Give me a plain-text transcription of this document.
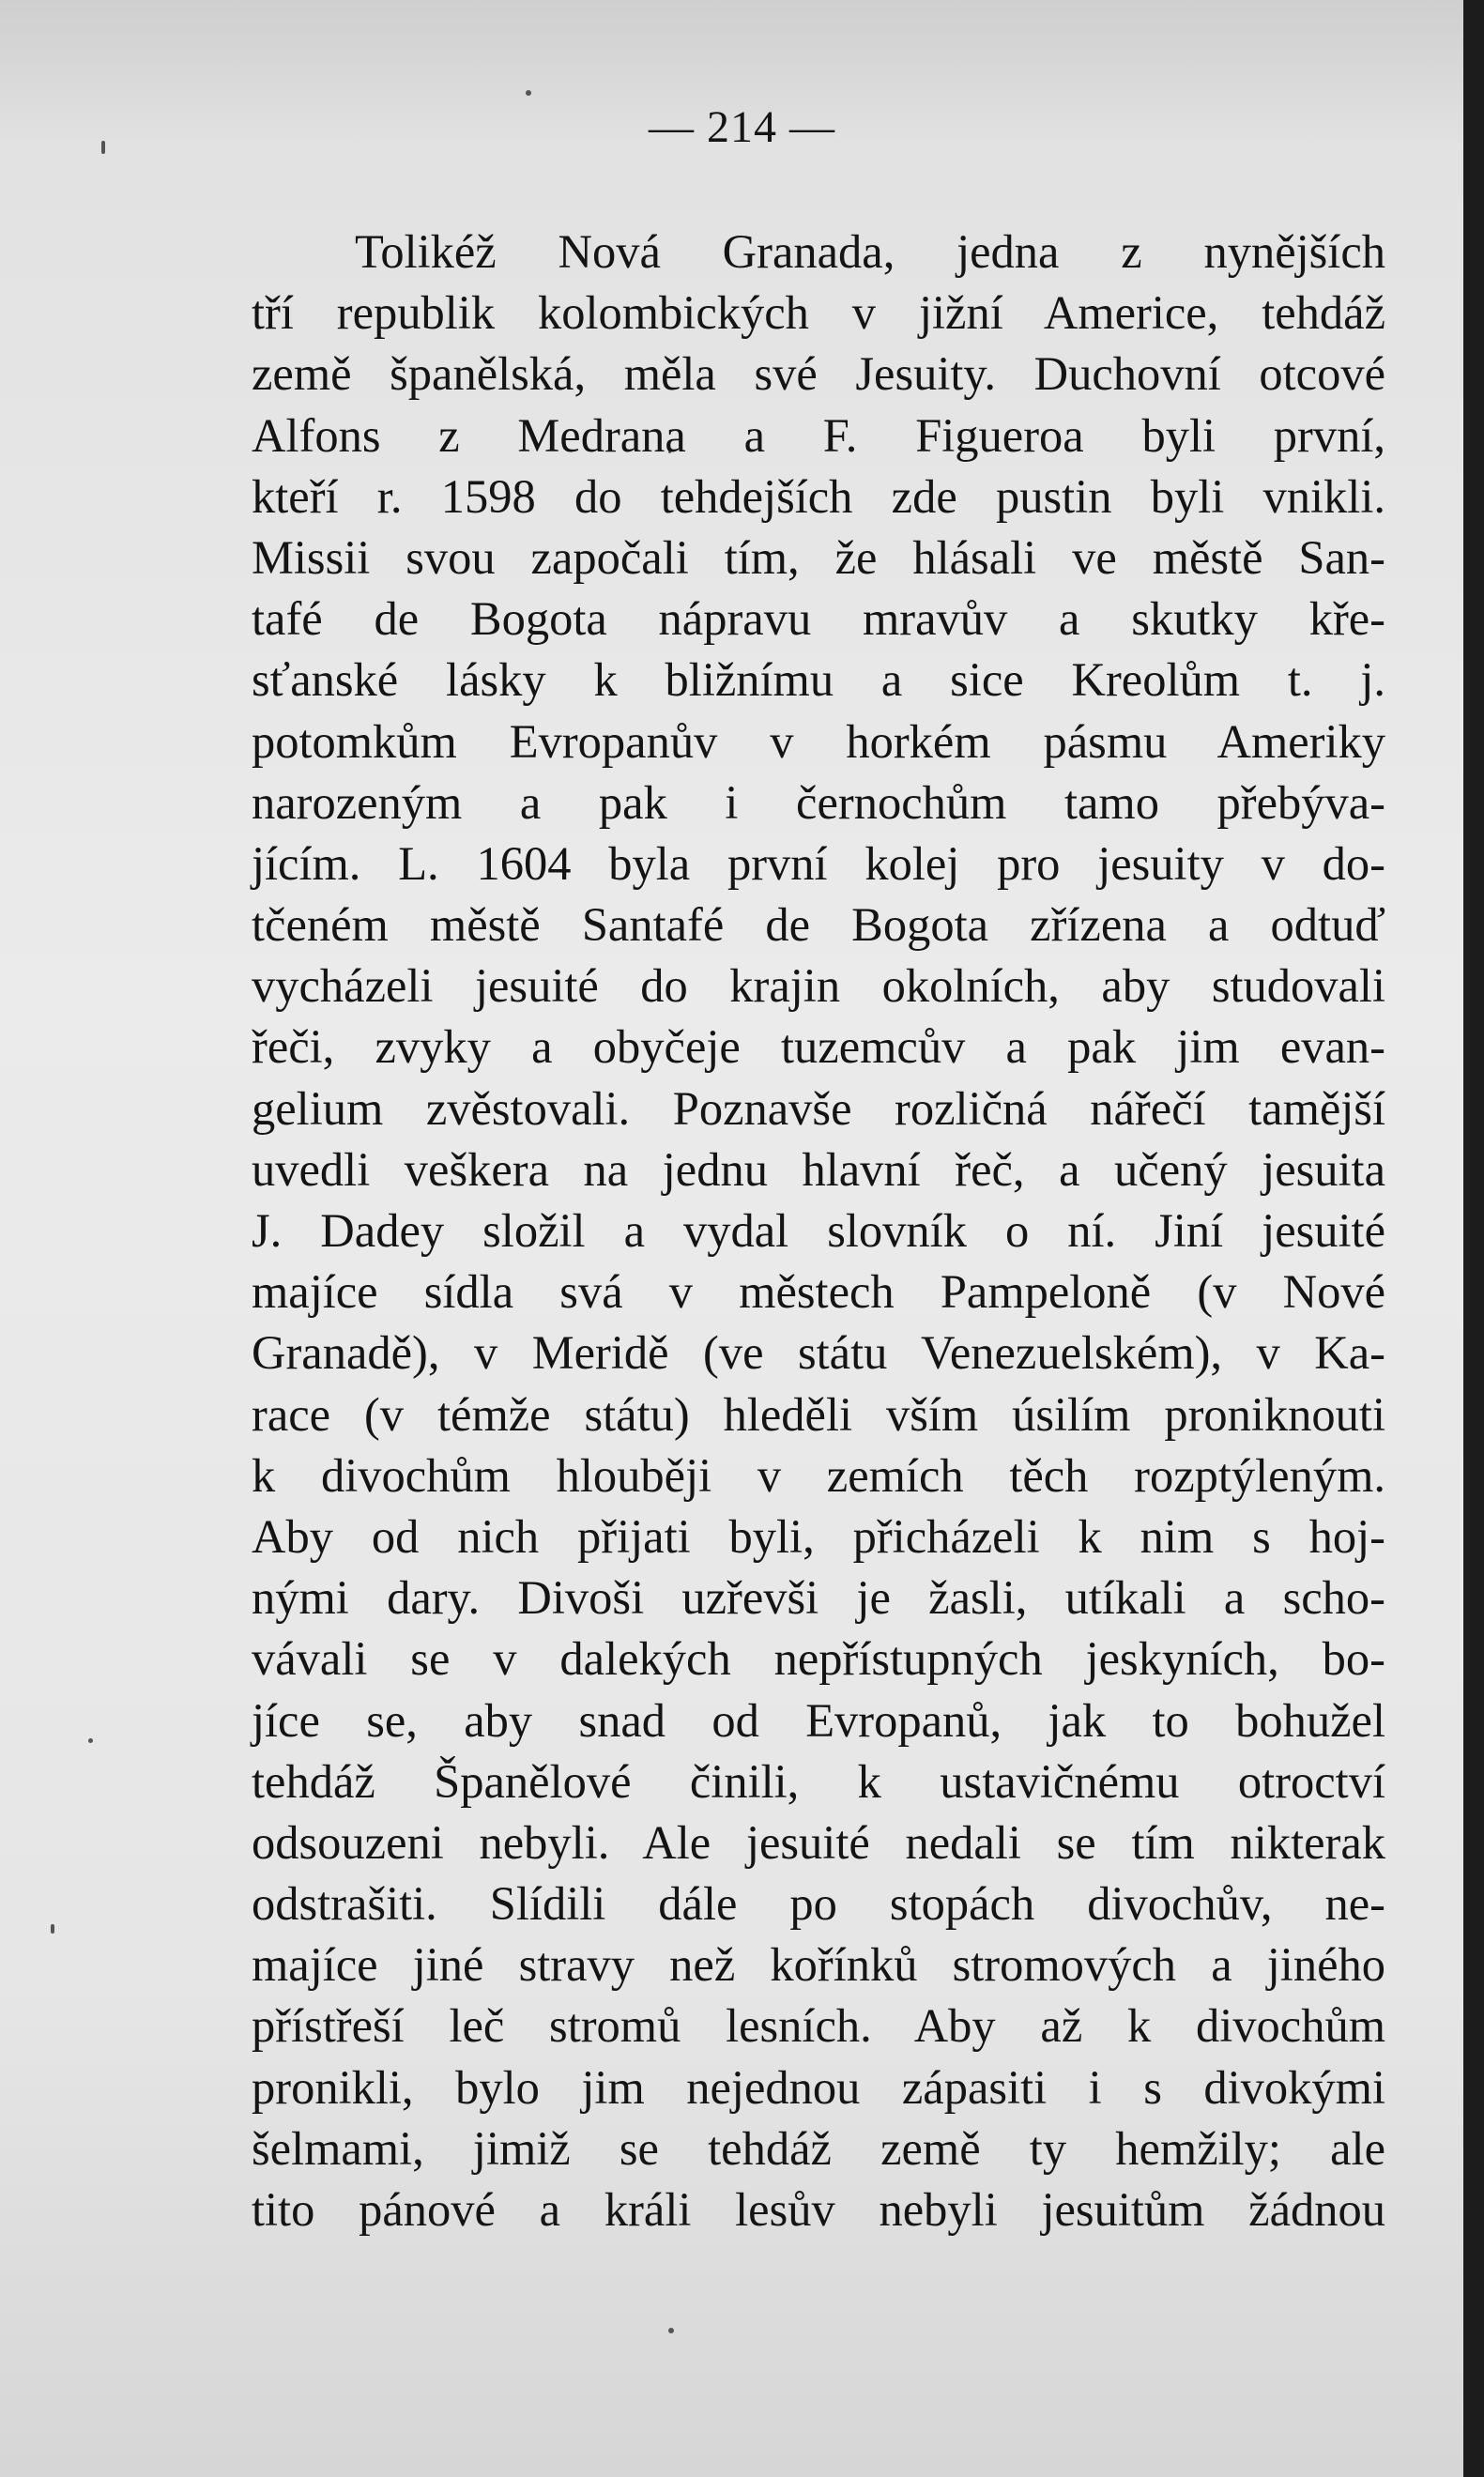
— 214 —
Tolikéž Nová Granada, jedna z nynějších
tří republik kolombických v jižní Americe, tehdáž
země španělská, měla své Jesuity. Duchovní otcové
Alfons z Medrana a F. Figueroa byli první,
kteří r. 1598 do tehdejších zde pustin byli vnikli.
Missii svou započali tím, že hlásali ve městě San-
tafé de Bogota nápravu mravův a skutky kře-
sťanské lásky k bližnímu a sice Kreolům t. j.
potomkům Evropanův v horkém pásmu Ameriky
narozeným a pak i černochům tamo přebýva-
jícím. L. 1604 byla první kolej pro jesuity v do-
tčeném městě Santafé de Bogota zřízena a odtuď
vycházeli jesuité do krajin okolních, aby studovali
řeči, zvyky a obyčeje tuzemcův a pak jim evan-
gelium zvěstovali. Poznavše rozličná nářečí tamější
uvedli veškera na jednu hlavní řeč, a učený jesuita
J. Dadey složil a vydal slovník o ní. Jiní jesuité
majíce sídla svá v městech Pampeloně (v Nové
Granadě), v Meridě (ve státu Venezuelském), v Ka-
race (v témže státu) hleděli vším úsilím proniknouti
k divochům hlouběji v zemích těch rozptýleným.
Aby od nich přijati byli, přicházeli k nim s hoj-
nými dary. Divoši uzřevši je žasli, utíkali a scho-
vávali se v dalekých nepřístupných jeskyních, bo-
jíce se, aby snad od Evropanů, jak to bohužel
tehdáž Španělové činili, k ustavičnému otroctví
odsouzeni nebyli. Ale jesuité nedali se tím nikterak
odstrašiti. Slídili dále po stopách divochův, ne-
majíce jiné stravy než kořínků stromových a jiného
přístřeší leč stromů lesních. Aby až k divochům
pronikli, bylo jim nejednou zápasiti i s divokými
šelmami, jimiž se tehdáž země ty hemžily; ale
tito pánové a králi lesův nebyli jesuitům žádnou
